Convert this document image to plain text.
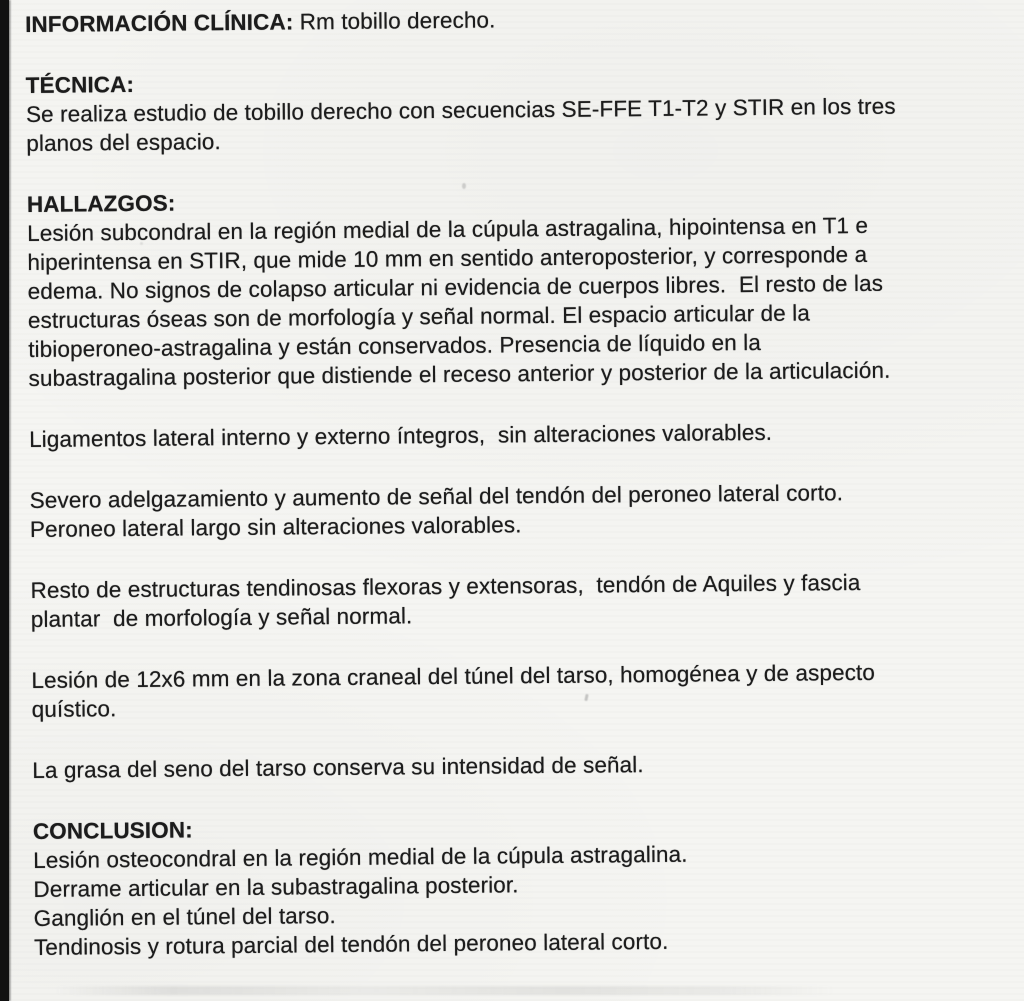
INFORMACIÓN CLÍNICA: Rm tobillo derecho.
TÉCNICA:
Se realiza estudio de tobillo derecho con secuencias SE-FFE T1-T2 y STIR en los tres
planos del espacio.
HALLAZGOS:
Lesión subcondral en la región medial de la cúpula astragalina, hipointensa en T1 e
hiperintensa en STIR, que mide 10 mm en sentido anteroposterior, y corresponde a
edema. No signos de colapso articular ni evidencia de cuerpos libres.  El resto de las
estructuras óseas son de morfología y señal normal. El espacio articular de la
tibioperoneo-astragalina y están conservados. Presencia de líquido en la
subastragalina posterior que distiende el receso anterior y posterior de la articulación.
Ligamentos lateral interno y externo íntegros,  sin alteraciones valorables.
Severo adelgazamiento y aumento de señal del tendón del peroneo lateral corto.
Peroneo lateral largo sin alteraciones valorables.
Resto de estructuras tendinosas flexoras y extensoras,  tendón de Aquiles y fascia
plantar  de morfología y señal normal.
Lesión de 12x6 mm en la zona craneal del túnel del tarso, homogénea y de aspecto
quístico.
La grasa del seno del tarso conserva su intensidad de señal.
CONCLUSION:
Lesión osteocondral en la región medial de la cúpula astragalina.
Derrame articular en la subastragalina posterior.
Ganglión en el túnel del tarso.
Tendinosis y rotura parcial del tendón del peroneo lateral corto.
